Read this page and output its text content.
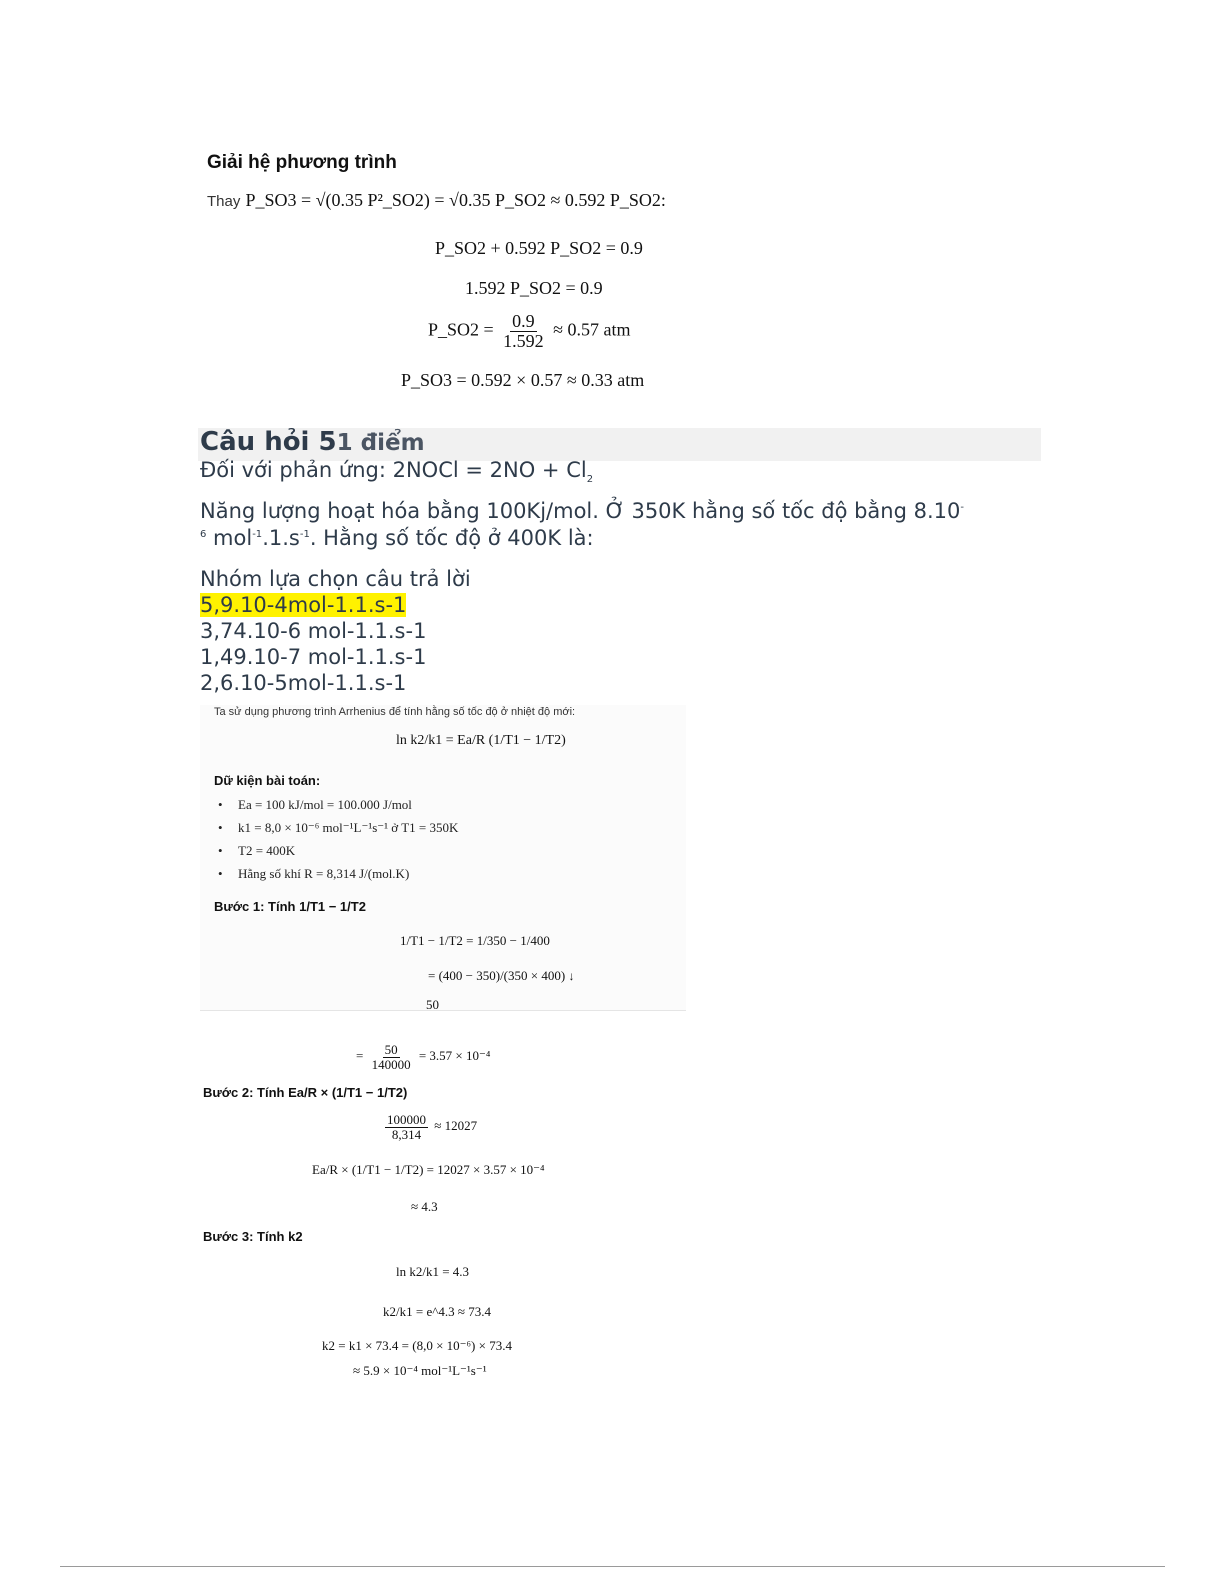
Giải hệ phương trình
Thay P_SO3 = √(0.35 P²_SO2) = √0.35 P_SO2 ≈ 0.592 P_SO2:
P_SO2 + 0.592 P_SO2 = 0.9
1.592 P_SO2 = 0.9
P_SO2 = $\frac{0.9}{1.592} \approx 0.57$ atm
P_SO3 = 0.592 × 0.57 ≈ 0.33 atm
Câu hỏi 51 điểm
Đối với phản ứng: 2NOCl = $2NO + Cl_2$
Năng lượng hoạt hóa bằng 100Kj/mol. Ở 350K hằng số tốc độ bằng 8.10-
$^6$ $mol^{-1}.1.s^{-1}$. Hằng số tốc độ ở 400K là:
Nhóm lựa chọn câu trả lời
5,9.10-4mol-1.1.s-1
3,74.10-6 mol-1.1.s-1
1,49.10-7 mol-1.1.s-1
2,6.10-5mol-1.1.s-1
Ta sử dụng phương trình Arrhenius để tính hằng số tốc độ ở nhiệt độ mới:
ln k2/k1 = Ea/R (1/T1 − 1/T2)
Dữ kiện bài toán:
• Ea = 100 kJ/mol = 100.000 J/mol
• k1 = 8,0 × 10⁻⁶ mol⁻¹L⁻¹s⁻¹ ở T1 = 350K
• T2 = 400K
• Hằng số khí R = 8,314 J/(mol.K)
Bước 1: Tính 1/T1 − 1/T2
1/T1 − 1/T2 = 1/350 − 1/400
= (400 − 350)/(350 × 400) ↓
50
= $\frac{50}{140000} = 3.57 \times 10^{-4}$
Bước 2: Tính Ea/R × (1/T1 − 1/T2)
$\frac{100000}{8,314} \approx 12027$
Ea/R × (1/T1 − 1/T2) = 12027 × 3.57 × 10⁻⁴
≈ 4.3
Bước 3: Tính k2
ln k2/k1 = 4.3
k2/k1 = e^4.3 ≈ 73.4
k2 = k1 × 73.4 = (8,0 × 10⁻⁶) × 73.4
≈ 5.9 × 10⁻⁴ mol⁻¹L⁻¹s⁻¹
